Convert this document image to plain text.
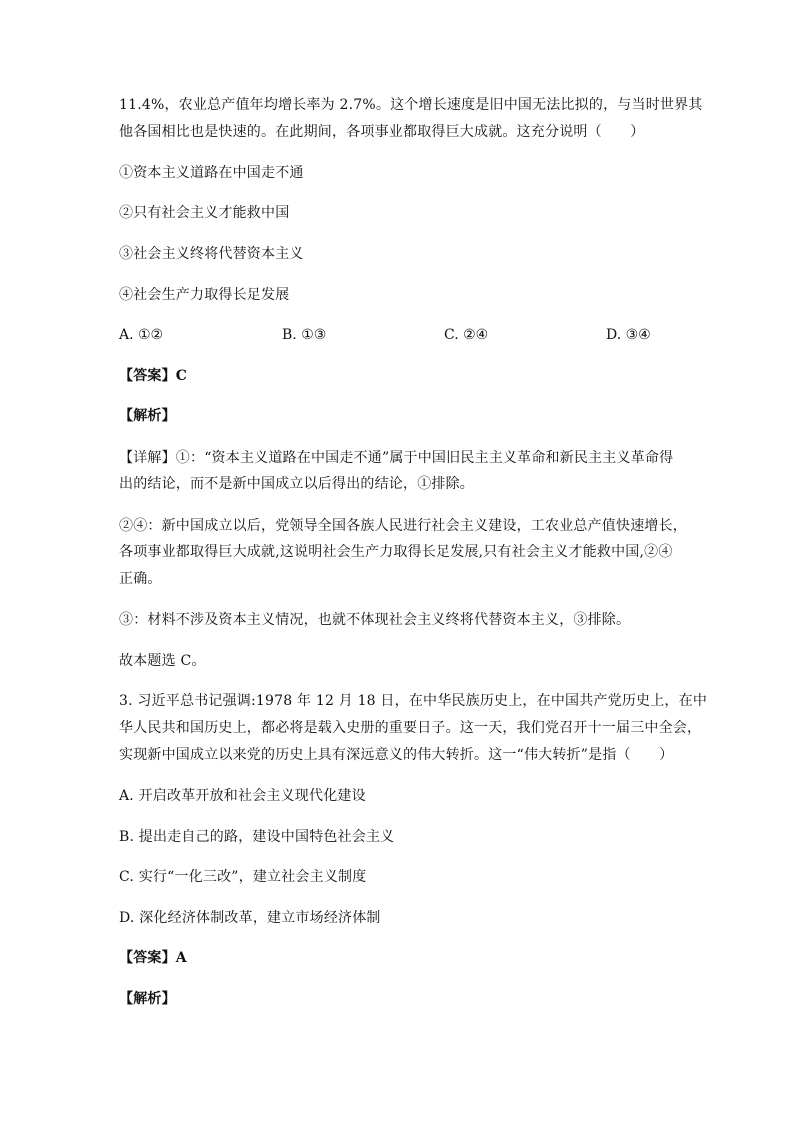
11.4%，农业总产值年均增长率为 2.7%。这个增长速度是旧中国无法比拟的，与当时世界其
他各国相比也是快速的。在此期间，各项事业都取得巨大成就。这充分说明（　　）
①资本主义道路在中国走不通
②只有社会主义才能救中国
③社会主义终将代替资本主义
④社会生产力取得长足发展
A. ①②	B. ①③	C. ②④	D. ③④
【答案】C
【解析】
【详解】①：“资本主义道路在中国走不通”属于中国旧民主主义革命和新民主主义革命得
出的结论，而不是新中国成立以后得出的结论，①排除。
②④：新中国成立以后，党领导全国各族人民进行社会主义建设，工农业总产值快速增长，
各项事业都取得巨大成就,这说明社会生产力取得长足发展,只有社会主义才能救中国,②④
正确。
③：材料不涉及资本主义情况，也就不体现社会主义终将代替资本主义，③排除。
故本题选 C。
3. 习近平总书记强调:1978 年 12 月 18 日，在中华民族历史上，在中国共产党历史上，在中
华人民共和国历史上，都必将是载入史册的重要日子。这一天，我们党召开十一届三中全会，
实现新中国成立以来党的历史上具有深远意义的伟大转折。这一“伟大转折”是指（　　）
A. 开启改革开放和社会主义现代化建设
B. 提出走自己的路，建设中国特色社会主义
C. 实行“一化三改”，建立社会主义制度
D. 深化经济体制改革，建立市场经济体制
【答案】A
【解析】
